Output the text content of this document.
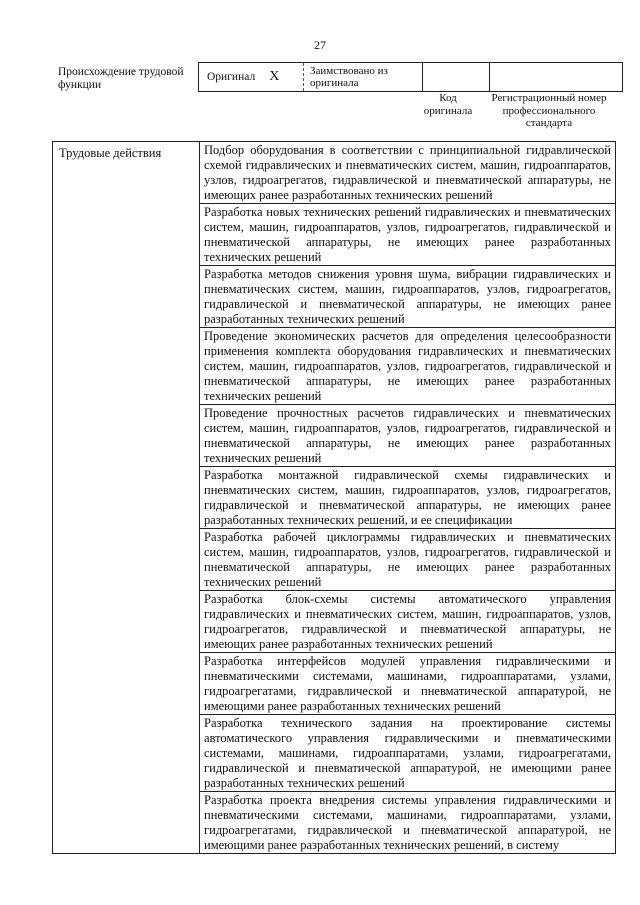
27
Происхождение трудовой функции
Оригинал X	Заимствовано из оригинала

Код оригинала
Регистрационный номер профессионального стандарта
Трудовые действия	Подбор оборудования в соответствии с принципиальной гидравлической схемой гидравлических и пневматических систем, машин, гидроаппаратов, узлов, гидроагрегатов, гидравлической и пневматической аппаратуры, не имеющих ранее разработанных технических решений
Разработка новых технических решений гидравлических и пневматических систем, машин, гидроаппаратов, узлов, гидроагрегатов, гидравлической и пневматической аппаратуры, не имеющих ранее разработанных технических решений
Разработка методов снижения уровня шума, вибрации гидравлических и пневматических систем, машин, гидроаппаратов, узлов, гидроагрегатов, гидравлической и пневматической аппаратуры, не имеющих ранее разработанных технических решений
Проведение экономических расчетов для определения целесообразности применения комплекта оборудования гидравлических и пневматических систем, машин, гидроаппаратов, узлов, гидроагрегатов, гидравлической и пневматической аппаратуры, не имеющих ранее разработанных технических решений
Проведение прочностных расчетов гидравлических и пневматических систем, машин, гидроаппаратов, узлов, гидроагрегатов, гидравлической и пневматической аппаратуры, не имеющих ранее разработанных технических решений
Разработка монтажной гидравлической схемы гидравлических и пневматических систем, машин, гидроаппаратов, узлов, гидроагрегатов, гидравлической и пневматической аппаратуры, не имеющих ранее разработанных технических решений, и ее спецификации
Разработка рабочей циклограммы гидравлических и пневматических систем, машин, гидроаппаратов, узлов, гидроагрегатов, гидравлической и пневматической аппаратуры, не имеющих ранее разработанных технических решений
Разработка блок-схемы системы автоматического управления гидравлических и пневматических систем, машин, гидроаппаратов, узлов, гидроагрегатов, гидравлической и пневматической аппаратуры, не имеющих ранее разработанных технических решений
Разработка интерфейсов модулей управления гидравлическими и пневматическими системами, машинами, гидроаппаратами, узлами, гидроагрегатами, гидравлической и пневматической аппаратурой, не имеющими ранее разработанных технических решений
Разработка технического задания на проектирование системы автоматического управления гидравлическими и пневматическими системами, машинами, гидроаппаратами, узлами, гидроагрегатами, гидравлической и пневматической аппаратурой, не имеющими ранее разработанных технических решений
Разработка проекта внедрения системы управления гидравлическими и пневматическими системами, машинами, гидроаппаратами, узлами, гидроагрегатами, гидравлической и пневматической аппаратурой, не имеющими ранее разработанных технических решений, в систему
